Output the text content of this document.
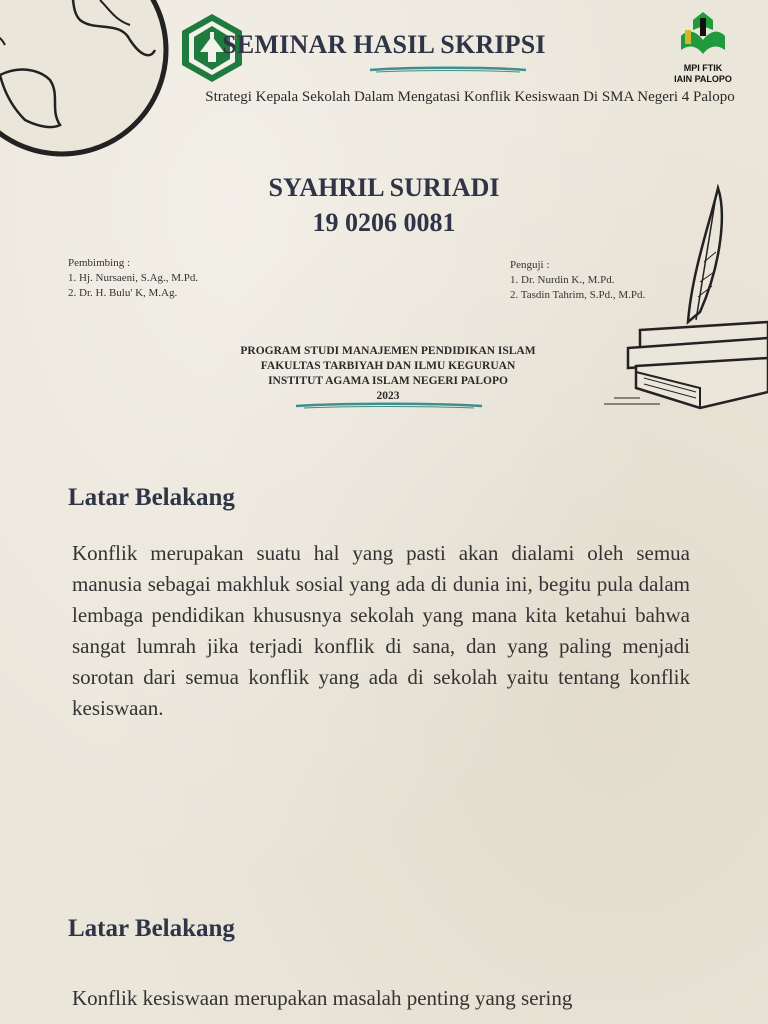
MPI FTIK
IAIN PALOPO
SEMINAR HASIL SKRIPSI
Strategi Kepala Sekolah Dalam Mengatasi Konflik Kesiswaan Di SMA Negeri 4 Palopo
SYAHRIL SURIADI
19 0206 0081
Pembimbing :
1. Hj. Nursaeni, S.Ag., M.Pd.
2. Dr. H. Bulu' K, M.Ag.
Penguji :
1. Dr. Nurdin K., M.Pd.
2. Tasdin Tahrim, S.Pd., M.Pd.
PROGRAM STUDI MANAJEMEN PENDIDIKAN ISLAM
FAKULTAS TARBIYAH DAN ILMU KEGURUAN
INSTITUT AGAMA ISLAM NEGERI PALOPO
2023
Latar Belakang
Konflik merupakan suatu hal yang pasti akan dialami oleh semua manusia sebagai makhluk sosial yang ada di dunia ini, begitu pula dalam lembaga pendidikan khususnya sekolah yang mana kita ketahui bahwa sangat lumrah jika terjadi konflik di sana, dan yang paling menjadi sorotan dari semua konflik yang ada di sekolah yaitu tentang konflik kesiswaan.
Latar Belakang
Konflik kesiswaan merupakan masalah penting yang sering
